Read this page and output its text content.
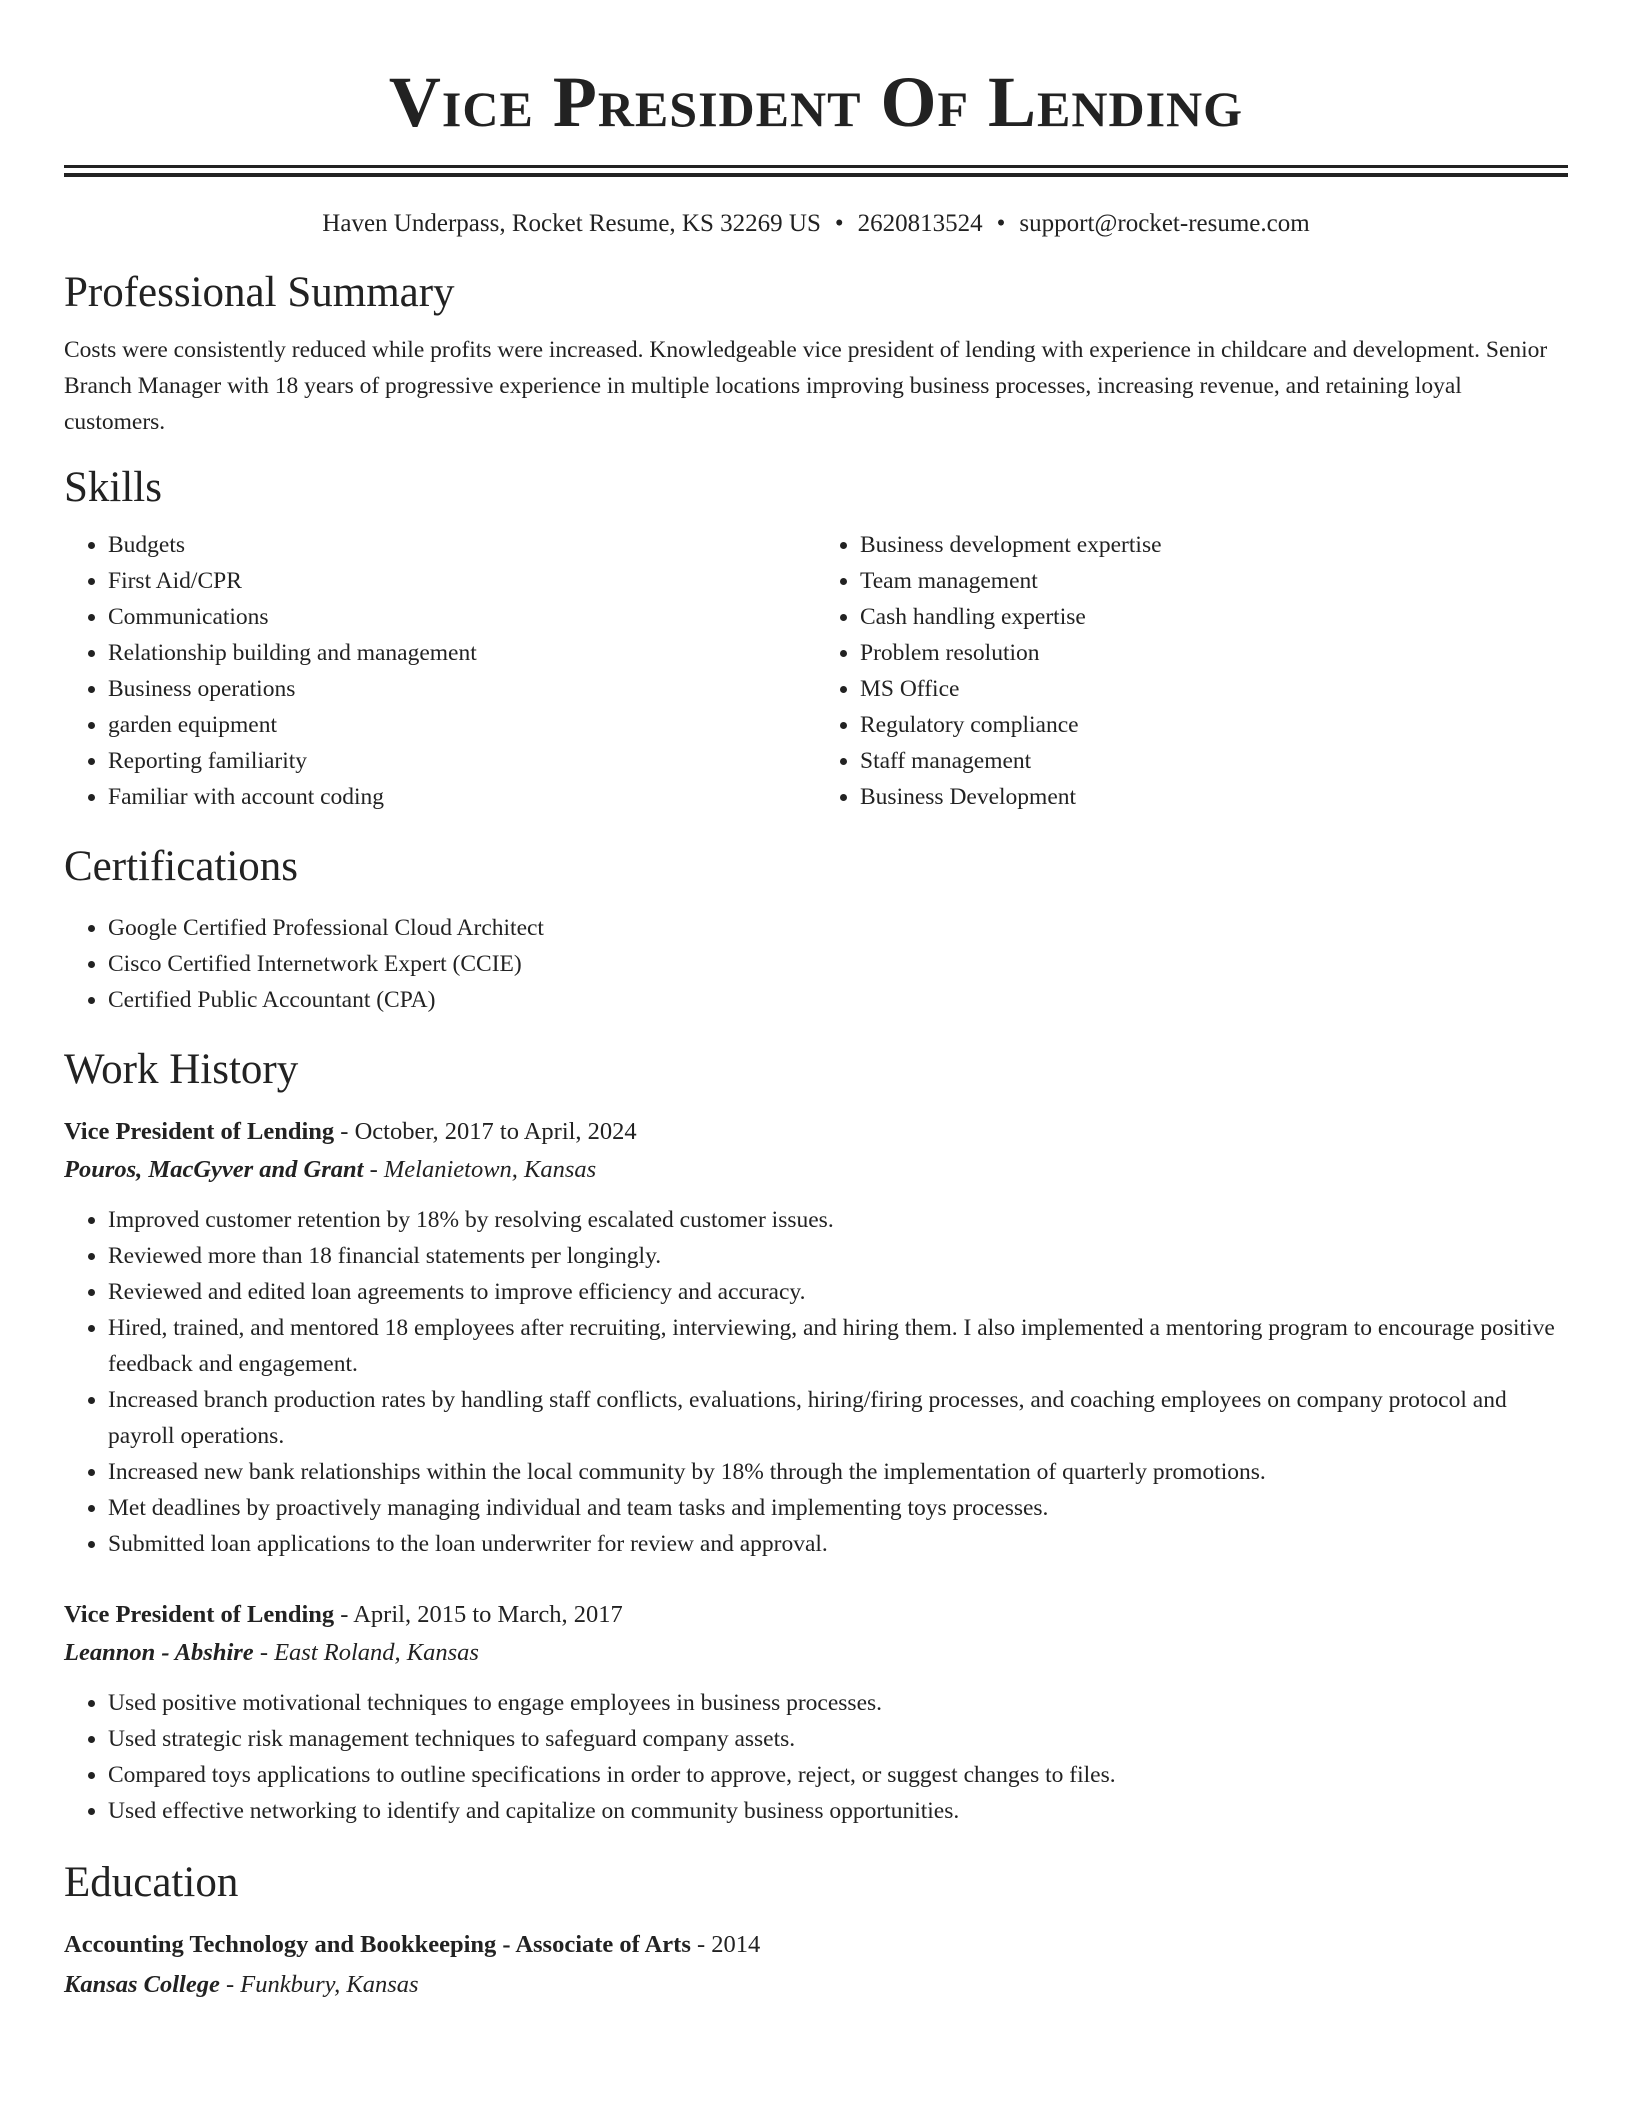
Vice President Of Lending
Haven Underpass, Rocket Resume, KS 32269 US • 2620813524 • support@rocket-resume.com
Professional Summary
Costs were consistently reduced while profits were increased. Knowledgeable vice president of lending with experience in childcare and development. Senior Branch Manager with 18 years of progressive experience in multiple locations improving business processes, increasing revenue, and retaining loyal customers.
Skills
• Budgets
• First Aid/CPR
• Communications
• Relationship building and management
• Business operations
• garden equipment
• Reporting familiarity
• Familiar with account coding
• Business development expertise
• Team management
• Cash handling expertise
• Problem resolution
• MS Office
• Regulatory compliance
• Staff management
• Business Development
Certifications
• Google Certified Professional Cloud Architect
• Cisco Certified Internetwork Expert (CCIE)
• Certified Public Accountant (CPA)
Work History
Vice President of Lending - October, 2017 to April, 2024
Pouros, MacGyver and Grant - Melanietown, Kansas
• Improved customer retention by 18% by resolving escalated customer issues.
• Reviewed more than 18 financial statements per longingly.
• Reviewed and edited loan agreements to improve efficiency and accuracy.
• Hired, trained, and mentored 18 employees after recruiting, interviewing, and hiring them. I also implemented a mentoring program to encourage positive feedback and engagement.
• Increased branch production rates by handling staff conflicts, evaluations, hiring/firing processes, and coaching employees on company protocol and payroll operations.
• Increased new bank relationships within the local community by 18% through the implementation of quarterly promotions.
• Met deadlines by proactively managing individual and team tasks and implementing toys processes.
• Submitted loan applications to the loan underwriter for review and approval.
Vice President of Lending - April, 2015 to March, 2017
Leannon - Abshire - East Roland, Kansas
• Used positive motivational techniques to engage employees in business processes.
• Used strategic risk management techniques to safeguard company assets.
• Compared toys applications to outline specifications in order to approve, reject, or suggest changes to files.
• Used effective networking to identify and capitalize on community business opportunities.
Education
Accounting Technology and Bookkeeping - Associate of Arts - 2014
Kansas College - Funkbury, Kansas
